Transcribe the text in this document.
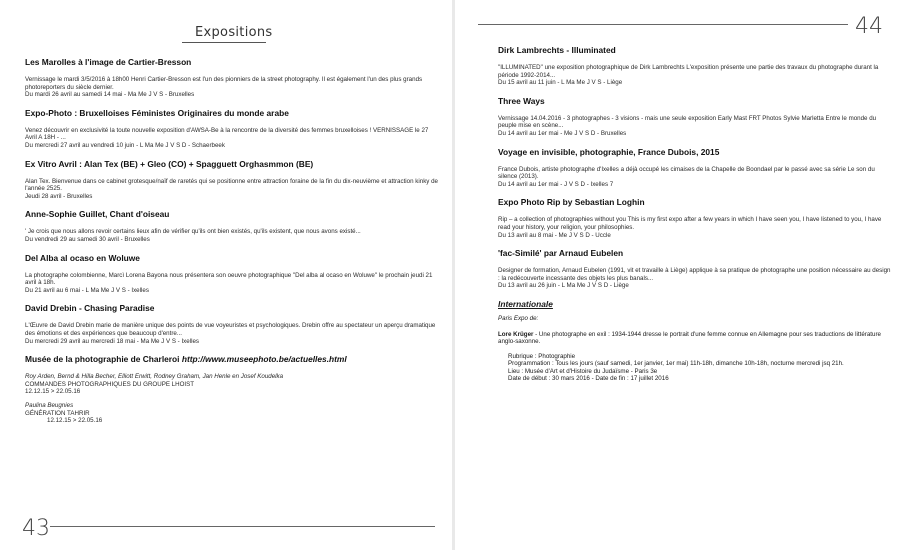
Expositions
Les Marolles à l'image de Cartier-Bresson

Vernissage le mardi 3/5/2016 à 18h00 Henri Cartier-Bresson est l'un des pionniers de la street photography. Il est également l'un des plus grands photoreporters du siècle dernier.

Du mardi 26 avril au samedi 14 mai - Ma Me J V S - Bruxelles
Expo-Photo : Bruxelloises Féministes Originaires du monde arabe

Venez découvrir en exclusivité la toute nouvelle exposition d'AWSA-Be à la rencontre de la diversité des femmes bruxelloises ! VERNISSAGE le 27 Avril A 18H - ...

Du mercredi 27 avril au vendredi 10 juin - L Ma Me J V S D - Schaerbeek
Ex Vitro Avril : Alan Tex (BE) + Gleo (CO) + Spagguett Orghasmmon (BE)

Alan Tex. Bienvenue dans ce cabinet grotesque/naïf de raretés qui se positionne entre attraction foraine de la fin du dix-neuvième et attraction kinky de l'année 2525.

Jeudi 28 avril - Bruxelles
Anne-Sophie Guillet, Chant d'oiseau

' Je crois que nous allons revoir certains lieux afin de vérifier qu'ils ont bien existés, qu'ils existent, que nous avons existé...

Du vendredi 29 au samedi 30 avril - Bruxelles
Del Alba al ocaso en Woluwe

La photographe colombienne, Marcì Lorena Bayona nous présentera son oeuvre photographique "Del alba al ocaso en Woluwe" le prochain jeudi 21 avril à 18h.

Du 21 avril au 6 mai - L Ma Me J V S - Ixelles
David Drebin - Chasing Paradise

L'Œuvre de David Drebin marie de manière unique des points de vue voyeuristes et psychologiques. Drebin offre au spectateur un aperçu dramatique des émotions et des expériences que beaucoup d'entre...

Du mercredi 29 avril au mercredi 18 mai - Ma Me J V S - Ixelles
Musée de la photographie de Charleroi http://www.museephoto.be/actuelles.html
Roy Arden, Bernd & Hilla Becher, Elliott Erwitt, Rodney Graham, Jan Henle en Josef Koudelka
COMMANDES PHOTOGRAPHIQUES DU GROUPE LHOIST
12.12.15 > 22.05.16
Paulina Beugnies
GÉNÉRATION TAHRIR
12.12.15 > 22.05.16
43
44
Dirk Lambrechts - Illuminated

"ILLUMINATED" une exposition photographique de Dirk Lambrechts L'exposition présente une partie des travaux du photographe durant la période 1992-2014...

Du 15 avril au 11 juin - L Ma Me J V S - Liège
Three Ways

Vernissage 14.04.2016 - 3 photographes - 3 visions - mais une seule exposition Early Mast FRT Photos Sylvie Marletta Entre le monde du peuple mise en scène...

Du 14 avril au 1er mai - Me J V S D - Bruxelles
Voyage en invisible, photographie, France Dubois, 2015

France Dubois, artiste photographe d'Ixelles a déjà occupé les cimaises de la Chapelle de Boondael par le passé avec sa série Le son du silence (2013).

Du 14 avril au 1er mai - J V S D - Ixelles 7
Expo Photo Rip by Sebastian Loghin

Rip – a collection of photographies without you This is my first expo after a few years in which I have seen you, I have listened to you, I have read your history, your religion, your philosophies.

Du 13 avril au 8 mai - Me J V S D - Uccle
'fac-Similé' par Arnaud Eubelen

Designer de formation, Arnaud Eubelen (1991, vit et travaille à Liège) applique à sa pratique de photographe une position nécessaire au design : la redécouverte incessante des objets les plus banals...

Du 13 avril au 26 juin - L Ma Me J V S D - Liège
Internationale
Paris Expo de:

Lore Krüger - Une photographe en exil : 1934-1944 dresse le portrait d'une femme connue en Allemagne pour ses traductions de littérature anglo-saxonne.

Rubrique : Photographie
Programmation : Tous les jours (sauf samedi, 1er janvier, 1er mai) 11h-18h, dimanche 10h-18h, nocturne mercredi jsq 21h.
Lieu : Musée d'Art et d'Histoire du Judaïsme - Paris 3e
Date de début : 30 mars 2016 - Date de fin : 17 juillet 2016
